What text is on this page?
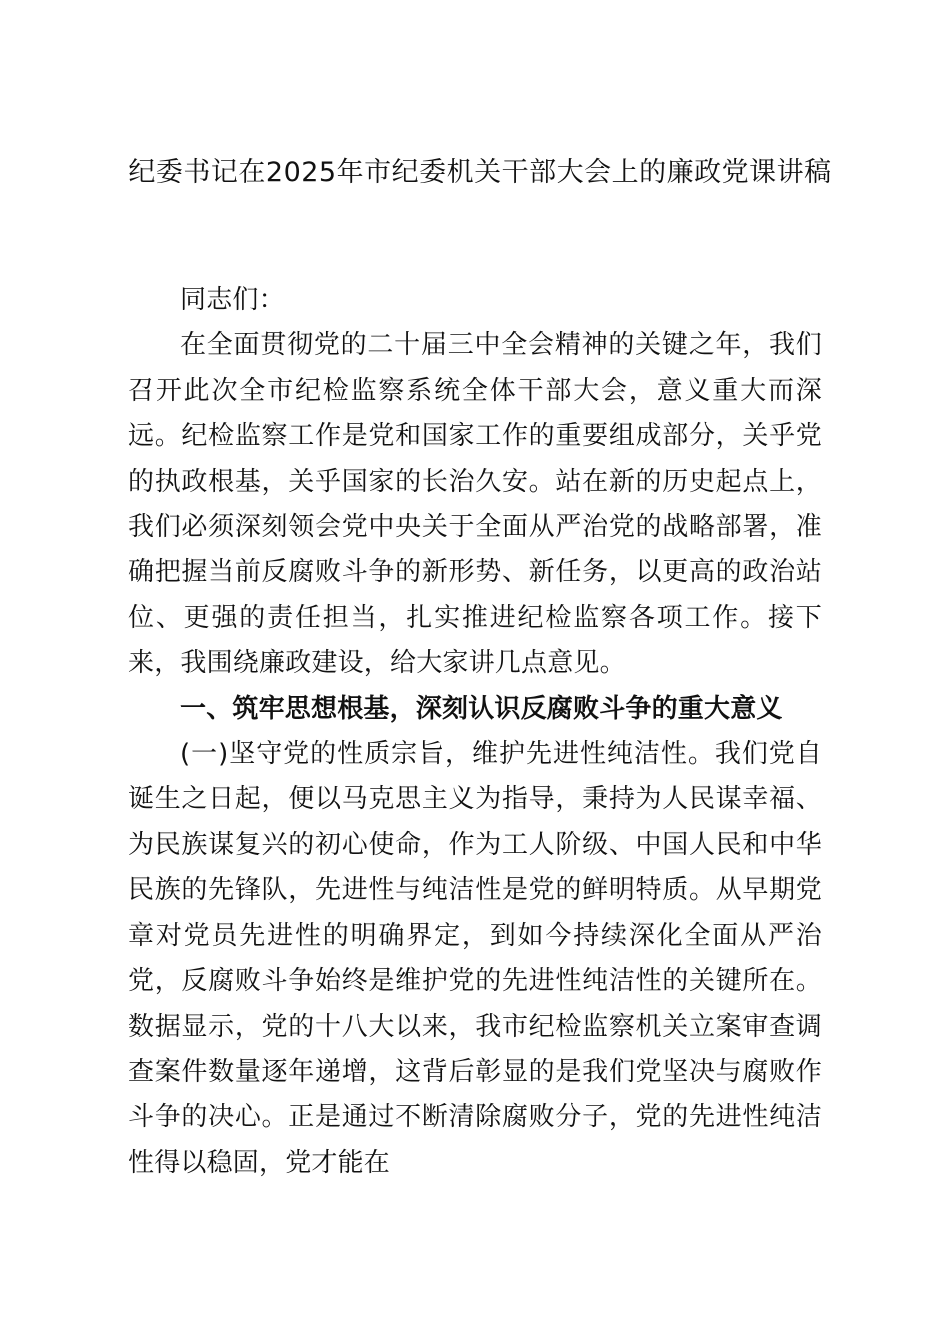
纪委书记在2025年市纪委机关干部大会上的廉政党课讲稿

同志们：

在全面贯彻党的二十届三中全会精神的关键之年，我们召开此次全市纪检监察系统全体干部大会，意义重大而深远。纪检监察工作是党和国家工作的重要组成部分，关乎党的执政根基，关乎国家的长治久安。站在新的历史起点上，我们必须深刻领会党中央关于全面从严治党的战略部署，准确把握当前反腐败斗争的新形势、新任务，以更高的政治站位、更强的责任担当，扎实推进纪检监察各项工作。接下来，我围绕廉政建设，给大家讲几点意见。

一、筑牢思想根基，深刻认识反腐败斗争的重大意义

(一)坚守党的性质宗旨，维护先进性纯洁性。我们党自诞生之日起，便以马克思主义为指导，秉持为人民谋幸福、为民族谋复兴的初心使命，作为工人阶级、中国人民和中华民族的先锋队，先进性与纯洁性是党的鲜明特质。从早期党章对党员先进性的明确界定，到如今持续深化全面从严治党，反腐败斗争始终是维护党的先进性纯洁性的关键所在。数据显示，党的十八大以来，我市纪检监察机关立案审查调查案件数量逐年递增，这背后彰显的是我们党坚决与腐败作斗争的决心。正是通过不断清除腐败分子，党的先进性纯洁性得以稳固，党才能在
